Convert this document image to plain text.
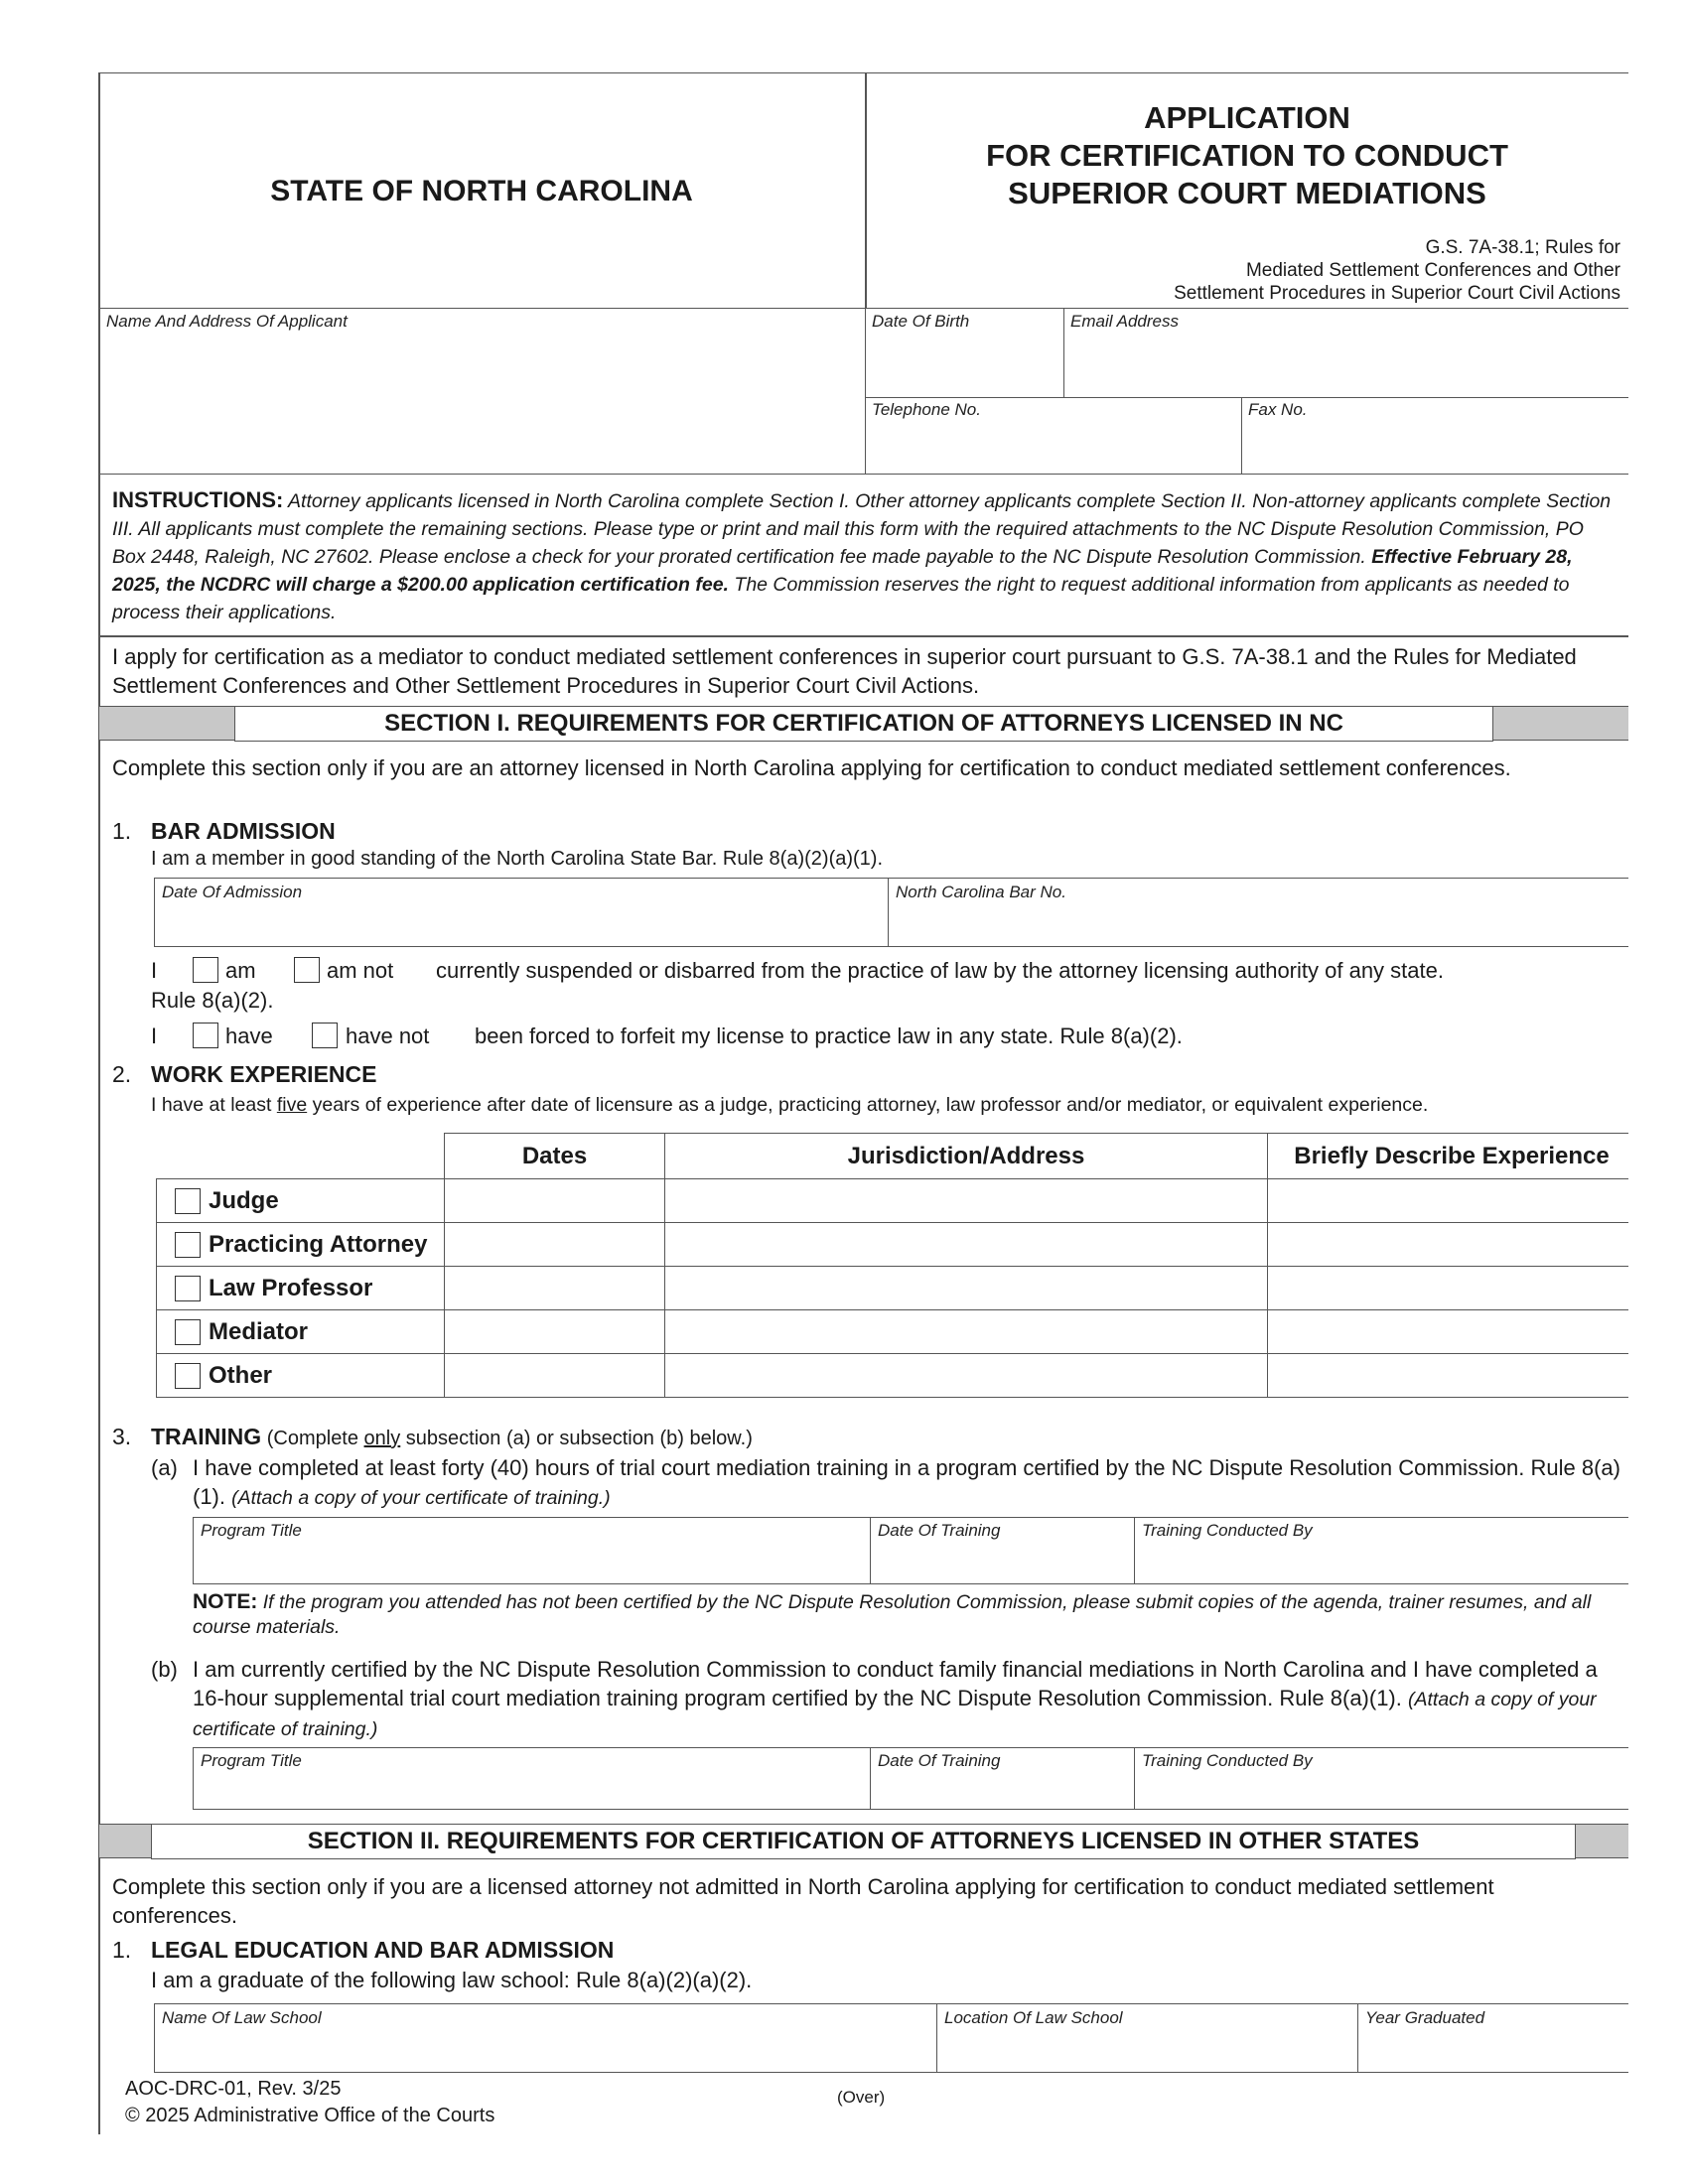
STATE OF NORTH CAROLINA
APPLICATION
FOR CERTIFICATION TO CONDUCT
SUPERIOR COURT MEDIATIONS
G.S. 7A-38.1; Rules for
Mediated Settlement Conferences and Other
Settlement Procedures in Superior Court Civil Actions
Name And Address Of Applicant	Date Of Birth	Email Address
Telephone No.	Fax No.
INSTRUCTIONS: Attorney applicants licensed in North Carolina complete Section I. Other attorney applicants complete Section II. Non-attorney applicants complete Section III. All applicants must complete the remaining sections. Please type or print and mail this form with the required attachments to the NC Dispute Resolution Commission, PO Box 2448, Raleigh, NC 27602. Please enclose a check for your prorated certification fee made payable to the NC Dispute Resolution Commission. Effective February 28, 2025, the NCDRC will charge a $200.00 application certification fee. The Commission reserves the right to request additional information from applicants as needed to process their applications.
I apply for certification as a mediator to conduct mediated settlement conferences in superior court pursuant to G.S. 7A-38.1 and the Rules for Mediated Settlement Conferences and Other Settlement Procedures in Superior Court Civil Actions.
SECTION I. REQUIREMENTS FOR CERTIFICATION OF ATTORNEYS LICENSED IN NC
Complete this section only if you are an attorney licensed in North Carolina applying for certification to conduct mediated settlement conferences.
1. BAR ADMISSION
I am a member in good standing of the North Carolina State Bar. Rule 8(a)(2)(a)(1).
Date Of Admission	North Carolina Bar No.
I	am	am not currently suspended or disbarred from the practice of law by the attorney licensing authority of any state.
Rule 8(a)(2).
I	have	have not been forced to forfeit my license to practice law in any state. Rule 8(a)(2).
2. WORK EXPERIENCE
I have at least five years of experience after date of licensure as a judge, practicing attorney, law professor and/or mediator, or equivalent experience.
	Dates	Jurisdiction/Address	Briefly Describe Experience

Judge			

Practicing Attorney			

Law Professor			

Mediator			

Other			

3. TRAINING (Complete only subsection (a) or subsection (b) below.)
(a) I have completed at least forty (40) hours of trial court mediation training in a program certified by the NC Dispute Resolution Commission. Rule 8(a)(1). (Attach a copy of your certificate of training.)
Program Title	Date Of Training	Training Conducted By
NOTE: If the program you attended has not been certified by the NC Dispute Resolution Commission, please submit copies of the agenda, trainer resumes, and all course materials.
(b) I am currently certified by the NC Dispute Resolution Commission to conduct family financial mediations in North Carolina and I have completed a 16-hour supplemental trial court mediation training program certified by the NC Dispute Resolution Commission. Rule 8(a)(1). (Attach a copy of your certificate of training.)
Program Title	Date Of Training	Training Conducted By
SECTION II. REQUIREMENTS FOR CERTIFICATION OF ATTORNEYS LICENSED IN OTHER STATES
Complete this section only if you are a licensed attorney not admitted in North Carolina applying for certification to conduct mediated settlement conferences.
1. LEGAL EDUCATION AND BAR ADMISSION
I am a graduate of the following law school: Rule 8(a)(2)(a)(2).
Name Of Law School	Location Of Law School	Year Graduated
AOC-DRC-01, Rev. 3/25
© 2025 Administrative Office of the Courts
(Over)
